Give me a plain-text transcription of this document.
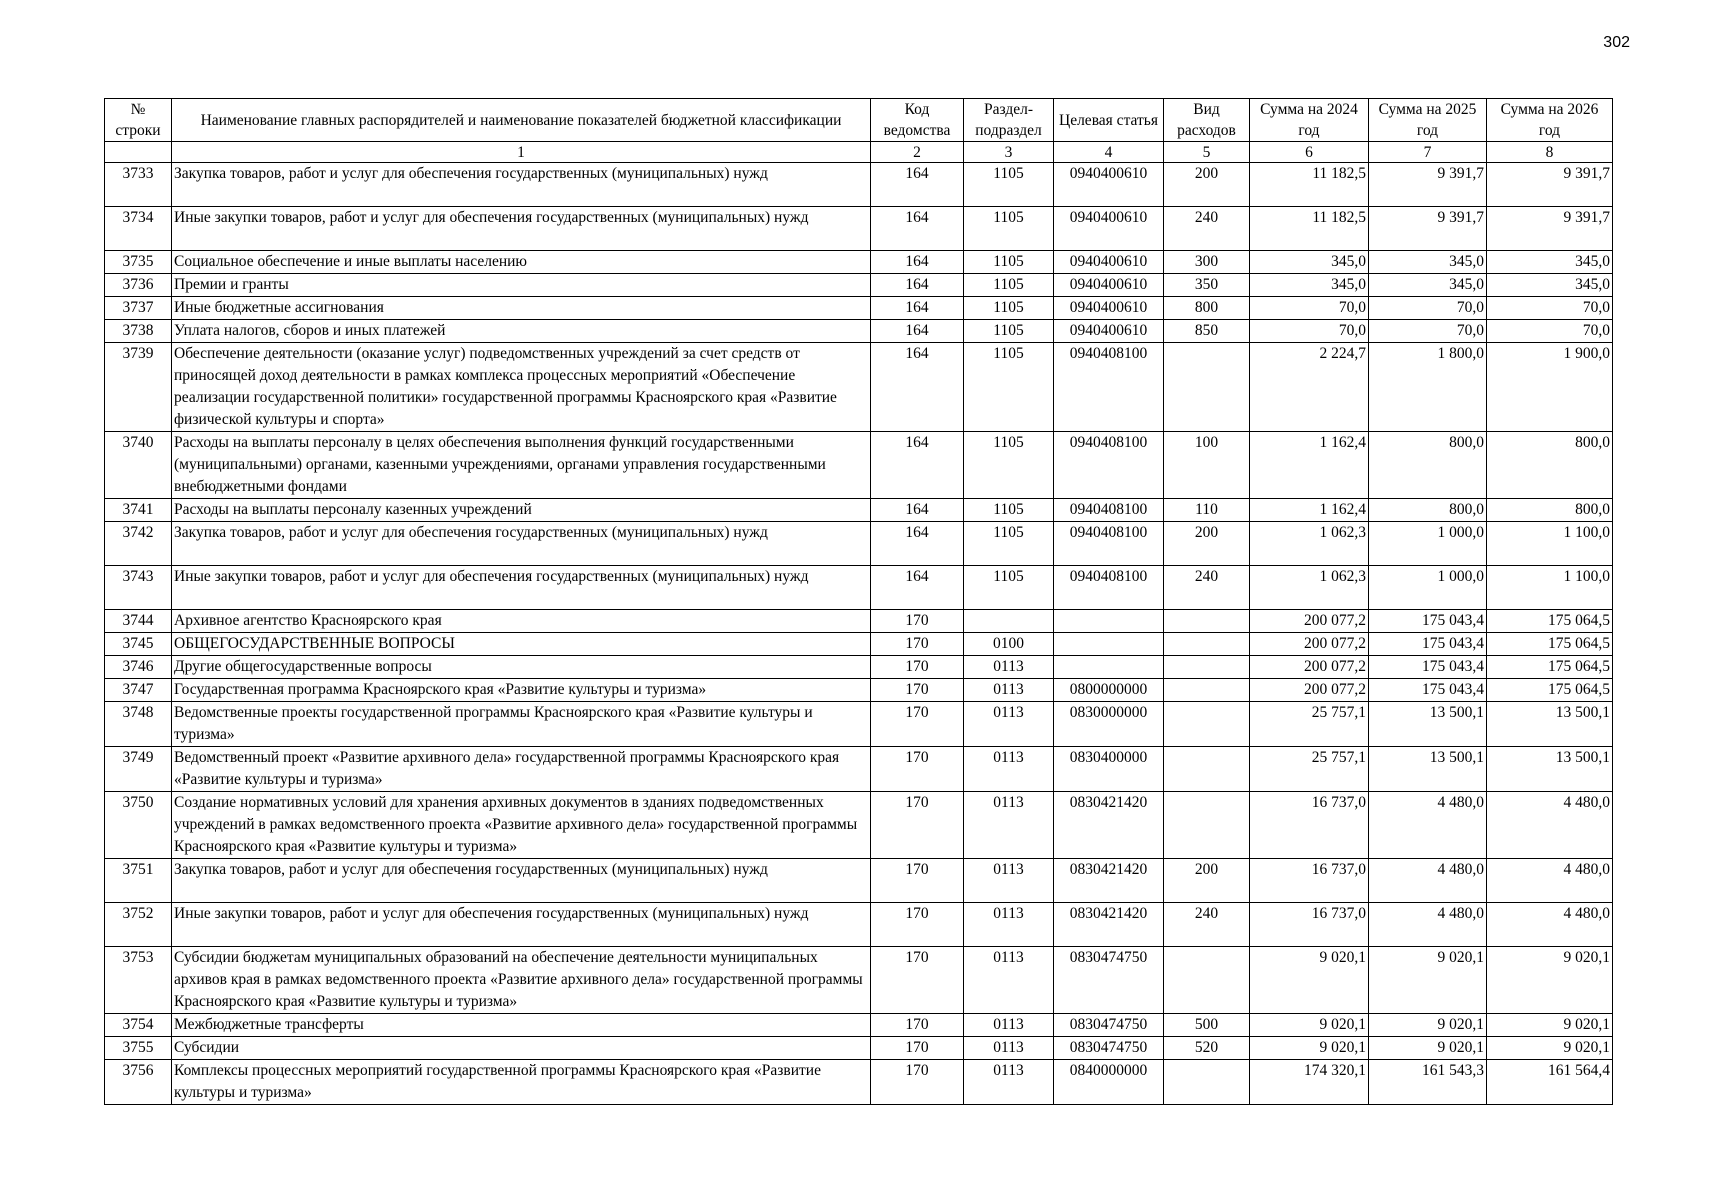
302
№ строки	Наименование главных распорядителей и наименование показателей бюджетной классификации	Код ведомства	Раздел-подраздел	Целевая статья	Вид расходов	Сумма на 2024 год	Сумма на 2025 год	Сумма на 2026 год
	1	2	3	4	5	6	7	8
3733	Закупка товаров, работ и услуг для обеспечения государственных (муниципальных) нужд	164	1105	0940400610	200	11 182,5	9 391,7	9 391,7
3734	Иные закупки товаров, работ и услуг для обеспечения государственных (муниципальных) нужд	164	1105	0940400610	240	11 182,5	9 391,7	9 391,7
3735	Социальное обеспечение и иные выплаты населению	164	1105	0940400610	300	345,0	345,0	345,0
3736	Премии и гранты	164	1105	0940400610	350	345,0	345,0	345,0
3737	Иные бюджетные ассигнования	164	1105	0940400610	800	70,0	70,0	70,0
3738	Уплата налогов, сборов и иных платежей	164	1105	0940400610	850	70,0	70,0	70,0
3739	Обеспечение деятельности (оказание услуг) подведомственных учреждений за счет средств от приносящей доход деятельности в рамках комплекса процессных мероприятий «Обеспечение реализации государственной политики» государственной программы Красноярского края «Развитие физической культуры и спорта»	164	1105	0940408100		2 224,7	1 800,0	1 900,0
3740	Расходы на выплаты персоналу в целях обеспечения выполнения функций государственными (муниципальными) органами, казенными учреждениями, органами управления государственными внебюджетными фондами	164	1105	0940408100	100	1 162,4	800,0	800,0
3741	Расходы на выплаты персоналу казенных учреждений	164	1105	0940408100	110	1 162,4	800,0	800,0
3742	Закупка товаров, работ и услуг для обеспечения государственных (муниципальных) нужд	164	1105	0940408100	200	1 062,3	1 000,0	1 100,0
3743	Иные закупки товаров, работ и услуг для обеспечения государственных (муниципальных) нужд	164	1105	0940408100	240	1 062,3	1 000,0	1 100,0
3744	Архивное агентство Красноярского края	170				200 077,2	175 043,4	175 064,5
3745	ОБЩЕГОСУДАРСТВЕННЫЕ ВОПРОСЫ	170	0100			200 077,2	175 043,4	175 064,5
3746	Другие общегосударственные вопросы	170	0113			200 077,2	175 043,4	175 064,5
3747	Государственная программа Красноярского края «Развитие культуры и туризма»	170	0113	0800000000		200 077,2	175 043,4	175 064,5
3748	Ведомственные проекты государственной программы Красноярского края «Развитие культуры и туризма»	170	0113	0830000000		25 757,1	13 500,1	13 500,1
3749	Ведомственный проект «Развитие архивного дела» государственной программы Красноярского края «Развитие культуры и туризма»	170	0113	0830400000		25 757,1	13 500,1	13 500,1
3750	Создание нормативных условий для хранения архивных документов в зданиях подведомственных учреждений в рамках ведомственного проекта «Развитие архивного дела» государственной программы Красноярского края «Развитие культуры и туризма»	170	0113	0830421420		16 737,0	4 480,0	4 480,0
3751	Закупка товаров, работ и услуг для обеспечения государственных (муниципальных) нужд	170	0113	0830421420	200	16 737,0	4 480,0	4 480,0
3752	Иные закупки товаров, работ и услуг для обеспечения государственных (муниципальных) нужд	170	0113	0830421420	240	16 737,0	4 480,0	4 480,0
3753	Субсидии бюджетам муниципальных образований на обеспечение деятельности муниципальных архивов края в рамках ведомственного проекта «Развитие архивного дела» государственной программы Красноярского края «Развитие культуры и туризма»	170	0113	0830474750		9 020,1	9 020,1	9 020,1
3754	Межбюджетные трансферты	170	0113	0830474750	500	9 020,1	9 020,1	9 020,1
3755	Субсидии	170	0113	0830474750	520	9 020,1	9 020,1	9 020,1
3756	Комплексы процессных мероприятий государственной программы Красноярского края «Развитие культуры и туризма»	170	0113	0840000000		174 320,1	161 543,3	161 564,4
